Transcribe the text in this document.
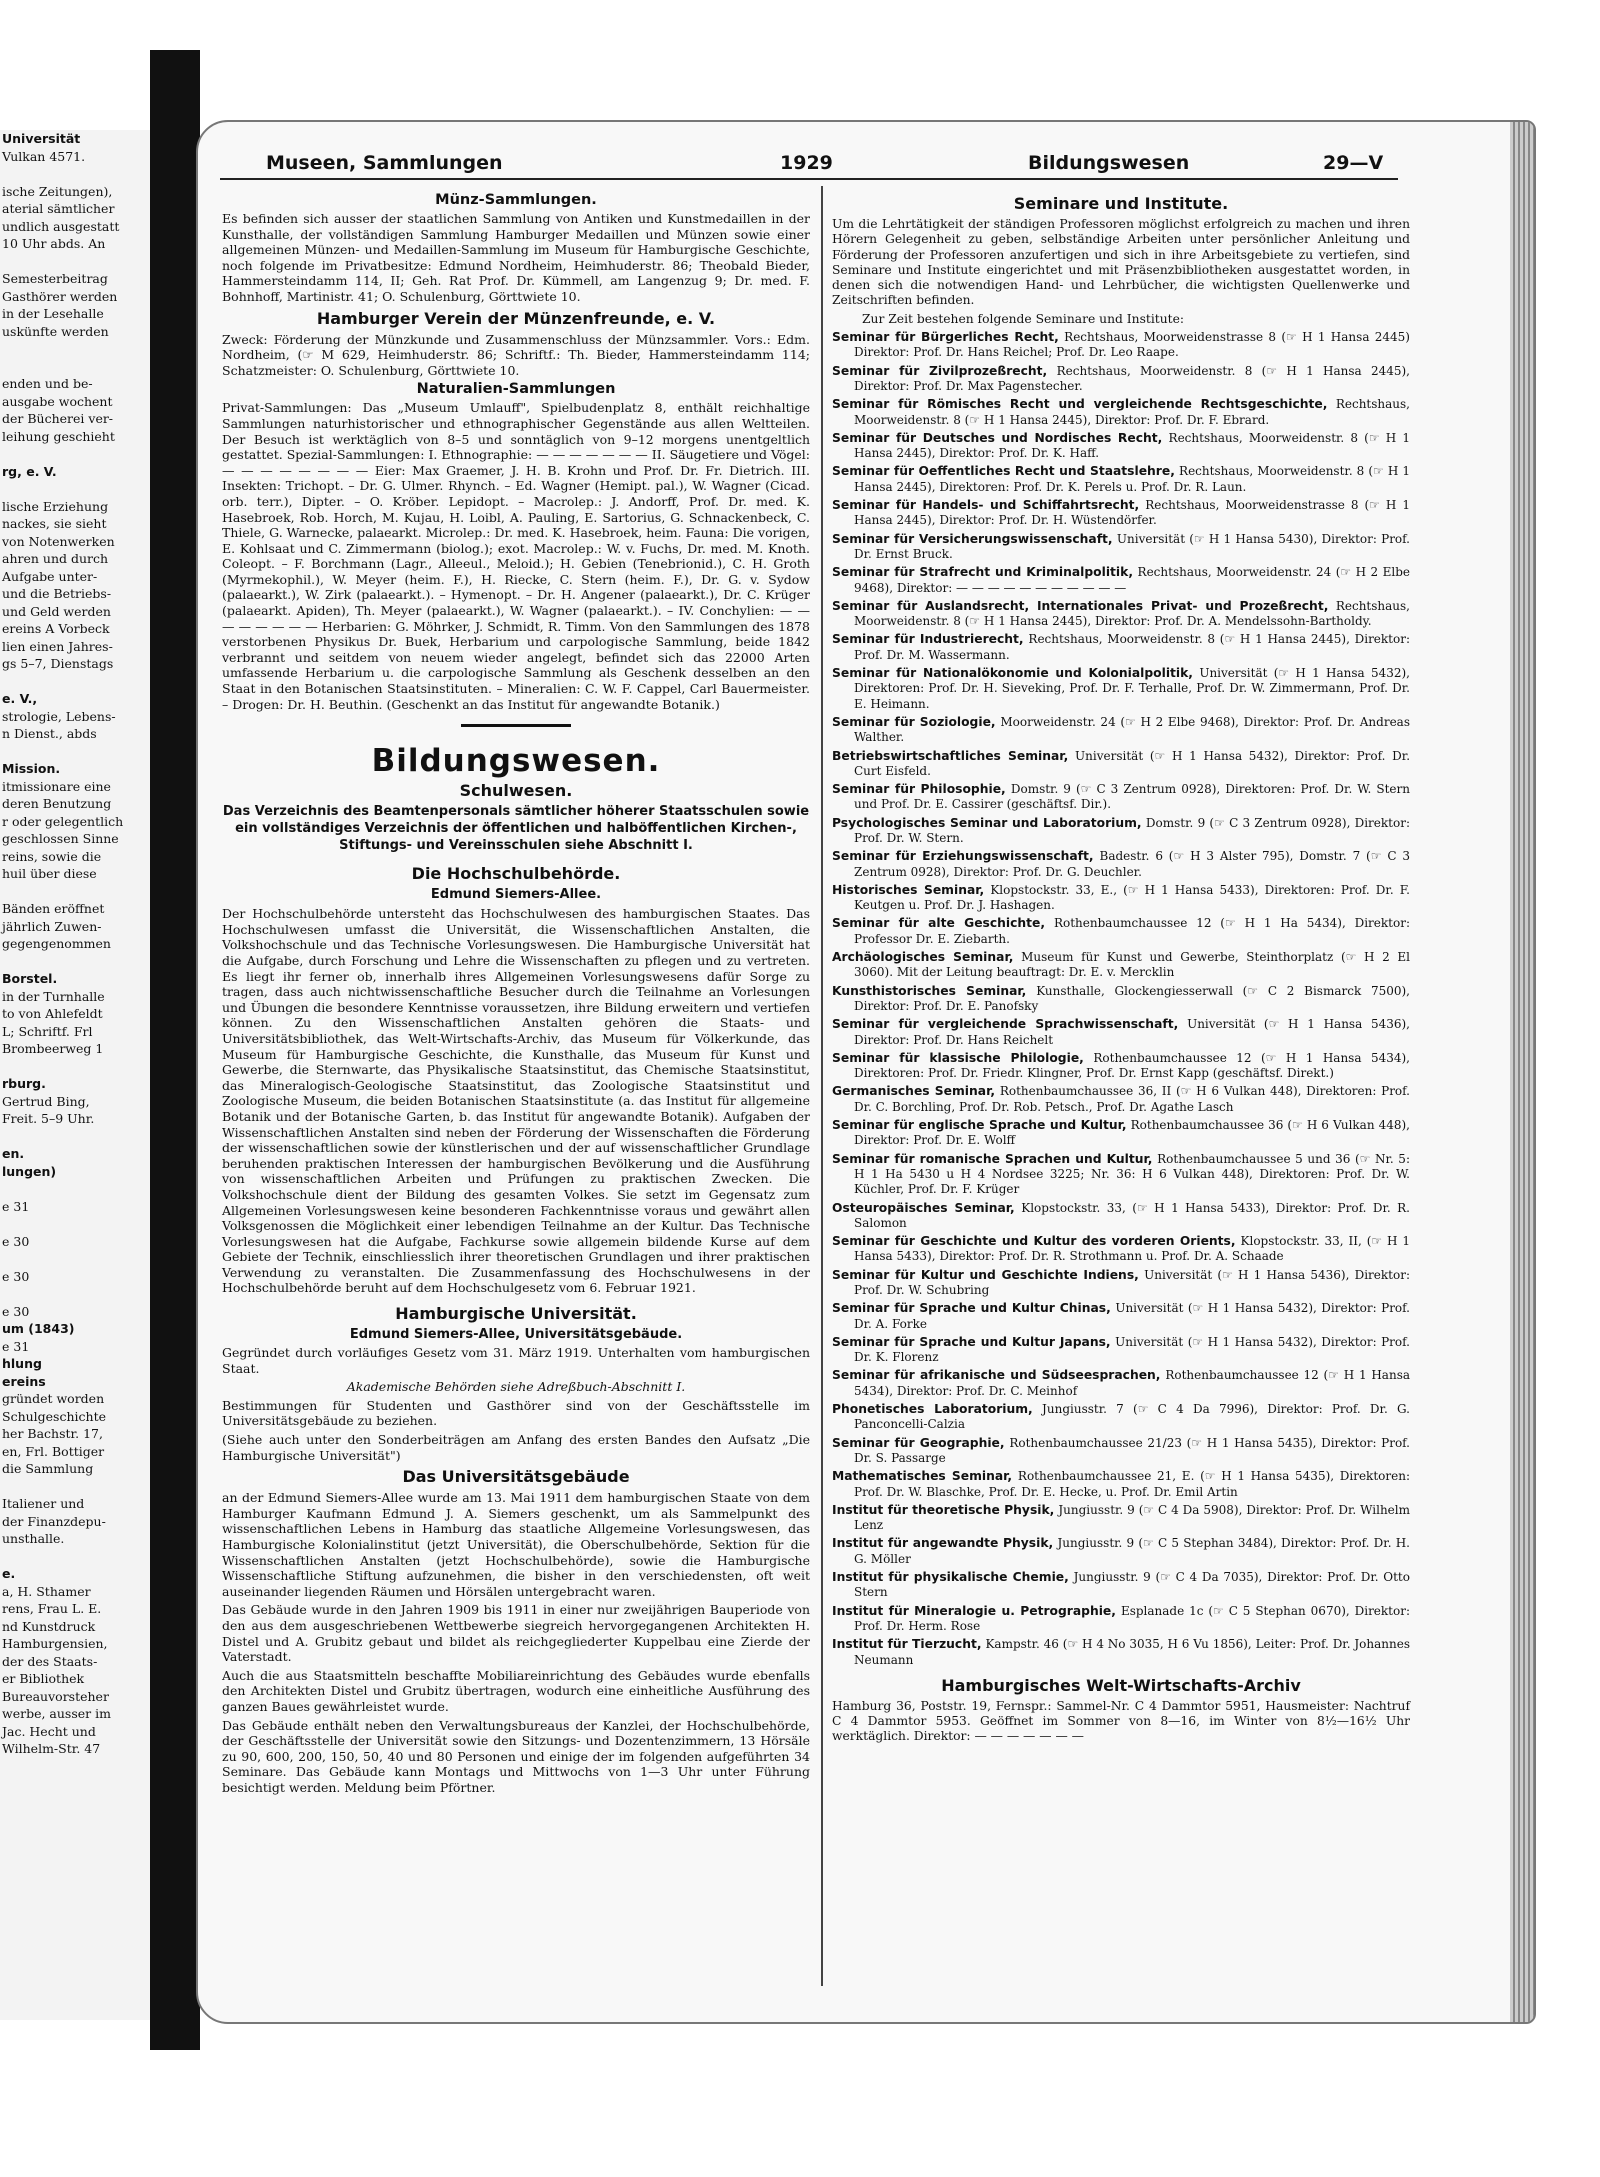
Universität
Vulkan 4571.
ische Zeitungen),
aterial sämtlicher
undlich ausgestatt
10 Uhr abds. An
Semesterbeitrag
Gasthörer werden
in der Lesehalle
uskünfte werden
enden und be-
ausgabe wochent
der Bücherei ver-
leihung geschieht
rg, e. V.
lische Erziehung
nackes, sie sieht
von Notenwerken
ahren und durch
Aufgabe unter-
und die Betriebs-
und Geld werden
ereins A Vorbeck
lien einen Jahres-
gs 5–7, Dienstags
e. V.,
strologie, Lebens-
n Dienst., abds
Mission.
itmissionare eine
deren Benutzung
r oder gelegentlich
geschlossen Sinne
reins, sowie die
huil über diese
Bänden eröffnet
jährlich Zuwen-
gegengenommen
Borstel.
in der Turnhalle
to von Ahlefeldt
L; Schriftf. Frl
Brombeerweg 1
rburg.
Gertrud Bing,
Freit. 5–9 Uhr.
en.
lungen)
e 31
e 30
e 30
e 30
um (1843)
e 31
hlung
ereins
gründet worden
Schulgeschichte
her Bachstr. 17,
en, Frl. Bottiger
die Sammlung
Italiener und
der Finanzdepu-
unsthalle.
e.
a, H. Sthamer
rens, Frau L. E.
nd Kunstdruck
Hamburgensien,
der des Staats-
er Bibliothek
Bureauvorsteher
werbe, ausser im
Jac. Hecht und
Wilhelm-Str. 47
Museen, Sammlungen	1929	Bildungswesen	29—V
Münz-Sammlungen.

Es befinden sich ausser der staatlichen Sammlung von Antiken und Kunstmedaillen in der Kunsthalle, der vollständigen Sammlung Hamburger Medaillen und Münzen sowie einer allgemeinen Münzen- und Medaillen-Sammlung im Museum für Hamburgische Geschichte, noch folgende im Privatbesitze: Edmund Nordheim, Heimhuderstr. 86; Theobald Bieder, Hammersteindamm 114, II; Geh. Rat Prof. Dr. Kümmell, am Langenzug 9; Dr. med. F. Bohnhoff, Martinistr. 41; O. Schulenburg, Görttwiete 10.

Hamburger Verein der Münzenfreunde, e. V.

Zweck: Förderung der Münzkunde und Zusammenschluss der Münzsammler. Vors.: Edm. Nordheim, (☞ M 629, Heimhuderstr. 86; Schriftf.: Th. Bieder, Hammersteindamm 114; Schatzmeister: O. Schulenburg, Görttwiete 10.

Naturalien-Sammlungen

Privat-Sammlungen: Das „Museum Umlauff", Spielbudenplatz 8, enthält reichhaltige Sammlungen naturhistorischer und ethnographischer Gegenstände aus allen Weltteilen. Der Besuch ist werktäglich von 8–5 und sonntäglich von 9–12 morgens unentgeltlich gestattet. Spezial-Sammlungen: I. Ethnographie: — — — — — — — II. Säugetiere und Vögel: — — — — — — — — Eier: Max Graemer, J. H. B. Krohn und Prof. Dr. Fr. Dietrich. III. Insekten: Trichopt. – Dr. G. Ulmer. Rhynch. – Ed. Wagner (Hemipt. pal.), W. Wagner (Cicad. orb. terr.), Dipter. – O. Kröber. Lepidopt. – Macrolep.: J. Andorff, Prof. Dr. med. K. Hasebroek, Rob. Horch, M. Kujau, H. Loibl, A. Pauling, E. Sartorius, G. Schnackenbeck, C. Thiele, G. Warnecke, palaearkt. Microlep.: Dr. med. K. Hasebroek, heim. Fauna: Die vorigen, E. Kohlsaat und C. Zimmermann (biolog.); exot. Macrolep.: W. v. Fuchs, Dr. med. M. Knoth. Coleopt. – F. Borchmann (Lagr., Alleeul., Meloid.); H. Gebien (Tenebrionid.), C. H. Groth (Myrmekophil.), W. Meyer (heim. F.), H. Riecke, C. Stern (heim. F.), Dr. G. v. Sydow (palaearkt.), W. Zirk (palaearkt.). – Hymenopt. – Dr. H. Angener (palaearkt.), Dr. C. Krüger (palaearkt. Apiden), Th. Meyer (palaearkt.), W. Wagner (palaearkt.). – IV. Conchylien: — — — — — — — — Herbarien: G. Möhrker, J. Schmidt, R. Timm. Von den Sammlungen des 1878 verstorbenen Physikus Dr. Buek, Herbarium und carpologische Sammlung, beide 1842 verbrannt und seitdem von neuem wieder angelegt, befindet sich das 22000 Arten umfassende Herbarium u. die carpologische Sammlung als Geschenk desselben an den Staat in den Botanischen Staatsinstituten. – Mineralien: C. W. F. Cappel, Carl Bauermeister. – Drogen: Dr. H. Beuthin. (Geschenkt an das Institut für angewandte Botanik.)

Bildungswesen.
Schulwesen.

Das Verzeichnis des Beamtenpersonals sämtlicher höherer Staatsschulen sowie ein vollständiges Verzeichnis der öffentlichen und halböffentlichen Kirchen-, Stiftungs- und Vereinsschulen siehe Abschnitt I.

Die Hochschulbehörde.
Edmund Siemers-Allee.

Der Hochschulbehörde untersteht das Hochschulwesen des hamburgischen Staates. Das Hochschulwesen umfasst die Universität, die Wissenschaftlichen Anstalten, die Volkshochschule und das Technische Vorlesungswesen. Die Hamburgische Universität hat die Aufgabe, durch Forschung und Lehre die Wissenschaften zu pflegen und zu vertreten. Es liegt ihr ferner ob, innerhalb ihres Allgemeinen Vorlesungswesens dafür Sorge zu tragen, dass auch nichtwissenschaftliche Besucher durch die Teilnahme an Vorlesungen und Übungen die besondere Kenntnisse voraussetzen, ihre Bildung erweitern und vertiefen können. Zu den Wissenschaftlichen Anstalten gehören die Staats- und Universitätsbibliothek, das Welt-Wirtschafts-Archiv, das Museum für Völkerkunde, das Museum für Hamburgische Geschichte, die Kunsthalle, das Museum für Kunst und Gewerbe, die Sternwarte, das Physikalische Staatsinstitut, das Chemische Staatsinstitut, das Mineralogisch-Geologische Staatsinstitut, das Zoologische Staatsinstitut und Zoologische Museum, die beiden Botanischen Staatsinstitute (a. das Institut für allgemeine Botanik und der Botanische Garten, b. das Institut für angewandte Botanik). Aufgaben der Wissenschaftlichen Anstalten sind neben der Förderung der Wissenschaften die Förderung der wissenschaftlichen sowie der künstlerischen und der auf wissenschaftlicher Grundlage beruhenden praktischen Interessen der hamburgischen Bevölkerung und die Ausführung von wissenschaftlichen Arbeiten und Prüfungen zu praktischen Zwecken. Die Volkshochschule dient der Bildung des gesamten Volkes. Sie setzt im Gegensatz zum Allgemeinen Vorlesungswesen keine besonderen Fachkenntnisse voraus und gewährt allen Volksgenossen die Möglichkeit einer lebendigen Teilnahme an der Kultur. Das Technische Vorlesungswesen hat die Aufgabe, Fachkurse sowie allgemein bildende Kurse auf dem Gebiete der Technik, einschliesslich ihrer theoretischen Grundlagen und ihrer praktischen Verwendung zu veranstalten. Die Zusammenfassung des Hochschulwesens in der Hochschulbehörde beruht auf dem Hochschulgesetz vom 6. Februar 1921.

Hamburgische Universität.
Edmund Siemers-Allee, Universitätsgebäude.

Gegründet durch vorläufiges Gesetz vom 31. März 1919. Unterhalten vom hamburgischen Staat.

Akademische Behörden siehe Adreßbuch-Abschnitt I.

Bestimmungen für Studenten und Gasthörer sind von der Geschäftsstelle im Universitätsgebäude zu beziehen.

(Siehe auch unter den Sonderbeiträgen am Anfang des ersten Bandes den Aufsatz „Die Hamburgische Universität")

Das Universitätsgebäude

an der Edmund Siemers-Allee wurde am 13. Mai 1911 dem hamburgischen Staate von dem Hamburger Kaufmann Edmund J. A. Siemers geschenkt, um als Sammelpunkt des wissenschaftlichen Lebens in Hamburg das staatliche Allgemeine Vorlesungswesen, das Hamburgische Kolonialinstitut (jetzt Universität), die Oberschulbehörde, Sektion für die Wissenschaftlichen Anstalten (jetzt Hochschulbehörde), sowie die Hamburgische Wissenschaftliche Stiftung aufzunehmen, die bisher in den verschiedensten, oft weit auseinander liegenden Räumen und Hörsälen untergebracht waren.

Das Gebäude wurde in den Jahren 1909 bis 1911 in einer nur zweijährigen Bauperiode von den aus dem ausgeschriebenen Wettbewerbe siegreich hervorgegangenen Architekten H. Distel und A. Grubitz gebaut und bildet als reichgegliederter Kuppelbau eine Zierde der Vaterstadt.

Auch die aus Staatsmitteln beschaffte Mobiliareinrichtung des Gebäudes wurde ebenfalls den Architekten Distel und Grubitz übertragen, wodurch eine einheitliche Ausführung des ganzen Baues gewährleistet wurde.

Das Gebäude enthält neben den Verwaltungsbureaus der Kanzlei, der Hochschulbehörde, der Geschäftsstelle der Universität sowie den Sitzungs- und Dozentenzimmern, 13 Hörsäle zu 90, 600, 200, 150, 50, 40 und 80 Personen und einige der im folgenden aufgeführten 34 Seminare. Das Gebäude kann Montags und Mittwochs von 1—3 Uhr unter Führung besichtigt werden. Meldung beim Pförtner.

Seminare und Institute.

Um die Lehrtätigkeit der ständigen Professoren möglichst erfolgreich zu machen und ihren Hörern Gelegenheit zu geben, selbständige Arbeiten unter persönlicher Anleitung und Förderung der Professoren anzufertigen und sich in ihre Arbeitsgebiete zu vertiefen, sind Seminare und Institute eingerichtet und mit Präsenzbibliotheken ausgestattet worden, in denen sich die notwendigen Hand- und Lehrbücher, die wichtigsten Quellenwerke und Zeitschriften befinden.

Zur Zeit bestehen folgende Seminare und Institute:

Seminar für Bürgerliches Recht, Rechtshaus, Moorweidenstrasse 8 (☞ H 1 Hansa 2445) Direktor: Prof. Dr. Hans Reichel; Prof. Dr. Leo Raape.

Seminar für Zivilprozeßrecht, Rechtshaus, Moorweidenstr. 8 (☞ H 1 Hansa 2445), Direktor: Prof. Dr. Max Pagenstecher.

Seminar für Römisches Recht und vergleichende Rechtsgeschichte, Rechtshaus, Moorweidenstr. 8 (☞ H 1 Hansa 2445), Direktor: Prof. Dr. F. Ebrard.

Seminar für Deutsches und Nordisches Recht, Rechtshaus, Moorweidenstr. 8 (☞ H 1 Hansa 2445), Direktor: Prof. Dr. K. Haff.

Seminar für Oeffentliches Recht und Staatslehre, Rechtshaus, Moorweidenstr. 8 (☞ H 1 Hansa 2445), Direktoren: Prof. Dr. K. Perels u. Prof. Dr. R. Laun.

Seminar für Handels- und Schiffahrtsrecht, Rechtshaus, Moorweidenstrasse 8 (☞ H 1 Hansa 2445), Direktor: Prof. Dr. H. Wüstendörfer.

Seminar für Versicherungswissenschaft, Universität (☞ H 1 Hansa 5430), Direktor: Prof. Dr. Ernst Bruck.

Seminar für Strafrecht und Kriminalpolitik, Rechtshaus, Moorweidenstr. 24 (☞ H 2 Elbe 9468), Direktor: — — — — — — — — — — —

Seminar für Auslandsrecht, Internationales Privat- und Prozeßrecht, Rechtshaus, Moorweidenstr. 8 (☞ H 1 Hansa 2445), Direktor: Prof. Dr. A. Mendelssohn-Bartholdy.

Seminar für Industrierecht, Rechtshaus, Moorweidenstr. 8 (☞ H 1 Hansa 2445), Direktor: Prof. Dr. M. Wassermann.

Seminar für Nationalökonomie und Kolonialpolitik, Universität (☞ H 1 Hansa 5432), Direktoren: Prof. Dr. H. Sieveking, Prof. Dr. F. Terhalle, Prof. Dr. W. Zimmermann, Prof. Dr. E. Heimann.

Seminar für Soziologie, Moorweidenstr. 24 (☞ H 2 Elbe 9468), Direktor: Prof. Dr. Andreas Walther.

Betriebswirtschaftliches Seminar, Universität (☞ H 1 Hansa 5432), Direktor: Prof. Dr. Curt Eisfeld.

Seminar für Philosophie, Domstr. 9 (☞ C 3 Zentrum 0928), Direktoren: Prof. Dr. W. Stern und Prof. Dr. E. Cassirer (geschäftsf. Dir.).

Psychologisches Seminar und Laboratorium, Domstr. 9 (☞ C 3 Zentrum 0928), Direktor: Prof. Dr. W. Stern.

Seminar für Erziehungswissenschaft, Badestr. 6 (☞ H 3 Alster 795), Domstr. 7 (☞ C 3 Zentrum 0928), Direktor: Prof. Dr. G. Deuchler.

Historisches Seminar, Klopstockstr. 33, E., (☞ H 1 Hansa 5433), Direktoren: Prof. Dr. F. Keutgen u. Prof. Dr. J. Hashagen.

Seminar für alte Geschichte, Rothenbaumchaussee 12 (☞ H 1 Ha 5434), Direktor: Professor Dr. E. Ziebarth.

Archäologisches Seminar, Museum für Kunst und Gewerbe, Steinthorplatz (☞ H 2 El 3060). Mit der Leitung beauftragt: Dr. E. v. Mercklin

Kunsthistorisches Seminar, Kunsthalle, Glockengiesserwall (☞ C 2 Bismarck 7500), Direktor: Prof. Dr. E. Panofsky

Seminar für vergleichende Sprachwissenschaft, Universität (☞ H 1 Hansa 5436), Direktor: Prof. Dr. Hans Reichelt

Seminar für klassische Philologie, Rothenbaumchaussee 12 (☞ H 1 Hansa 5434), Direktoren: Prof. Dr. Friedr. Klingner, Prof. Dr. Ernst Kapp (geschäftsf. Direkt.)

Germanisches Seminar, Rothenbaumchaussee 36, II (☞ H 6 Vulkan 448), Direktoren: Prof. Dr. C. Borchling, Prof. Dr. Rob. Petsch., Prof. Dr. Agathe Lasch

Seminar für englische Sprache und Kultur, Rothenbaumchaussee 36 (☞ H 6 Vulkan 448), Direktor: Prof. Dr. E. Wolff

Seminar für romanische Sprachen und Kultur, Rothenbaumchaussee 5 und 36 (☞ Nr. 5: H 1 Ha 5430 u H 4 Nordsee 3225; Nr. 36: H 6 Vulkan 448), Direktoren: Prof. Dr. W. Küchler, Prof. Dr. F. Krüger

Osteuropäisches Seminar, Klopstockstr. 33, (☞ H 1 Hansa 5433), Direktor: Prof. Dr. R. Salomon

Seminar für Geschichte und Kultur des vorderen Orients, Klopstockstr. 33, II, (☞ H 1 Hansa 5433), Direktor: Prof. Dr. R. Strothmann u. Prof. Dr. A. Schaade

Seminar für Kultur und Geschichte Indiens, Universität (☞ H 1 Hansa 5436), Direktor: Prof. Dr. W. Schubring

Seminar für Sprache und Kultur Chinas, Universität (☞ H 1 Hansa 5432), Direktor: Prof. Dr. A. Forke

Seminar für Sprache und Kultur Japans, Universität (☞ H 1 Hansa 5432), Direktor: Prof. Dr. K. Florenz

Seminar für afrikanische und Südseesprachen, Rothenbaumchaussee 12 (☞ H 1 Hansa 5434), Direktor: Prof. Dr. C. Meinhof

Phonetisches Laboratorium, Jungiusstr. 7 (☞ C 4 Da 7996), Direktor: Prof. Dr. G. Panconcelli-Calzia

Seminar für Geographie, Rothenbaumchaussee 21/23 (☞ H 1 Hansa 5435), Direktor: Prof. Dr. S. Passarge

Mathematisches Seminar, Rothenbaumchaussee 21, E. (☞ H 1 Hansa 5435), Direktoren: Prof. Dr. W. Blaschke, Prof. Dr. E. Hecke, u. Prof. Dr. Emil Artin

Institut für theoretische Physik, Jungiusstr. 9 (☞ C 4 Da 5908), Direktor: Prof. Dr. Wilhelm Lenz

Institut für angewandte Physik, Jungiusstr. 9 (☞ C 5 Stephan 3484), Direktor: Prof. Dr. H. G. Möller

Institut für physikalische Chemie, Jungiusstr. 9 (☞ C 4 Da 7035), Direktor: Prof. Dr. Otto Stern

Institut für Mineralogie u. Petrographie, Esplanade 1c (☞ C 5 Stephan 0670), Direktor: Prof. Dr. Herm. Rose

Institut für Tierzucht, Kampstr. 46 (☞ H 4 No 3035, H 6 Vu 1856), Leiter: Prof. Dr. Johannes Neumann

Hamburgisches Welt-Wirtschafts-Archiv

Hamburg 36, Poststr. 19, Fernspr.: Sammel-Nr. C 4 Dammtor 5951, Hausmeister: Nachtruf C 4 Dammtor 5953. Geöffnet im Sommer von 8—16, im Winter von 8½—16½ Uhr werktäglich. Direktor: — — — — — — —
